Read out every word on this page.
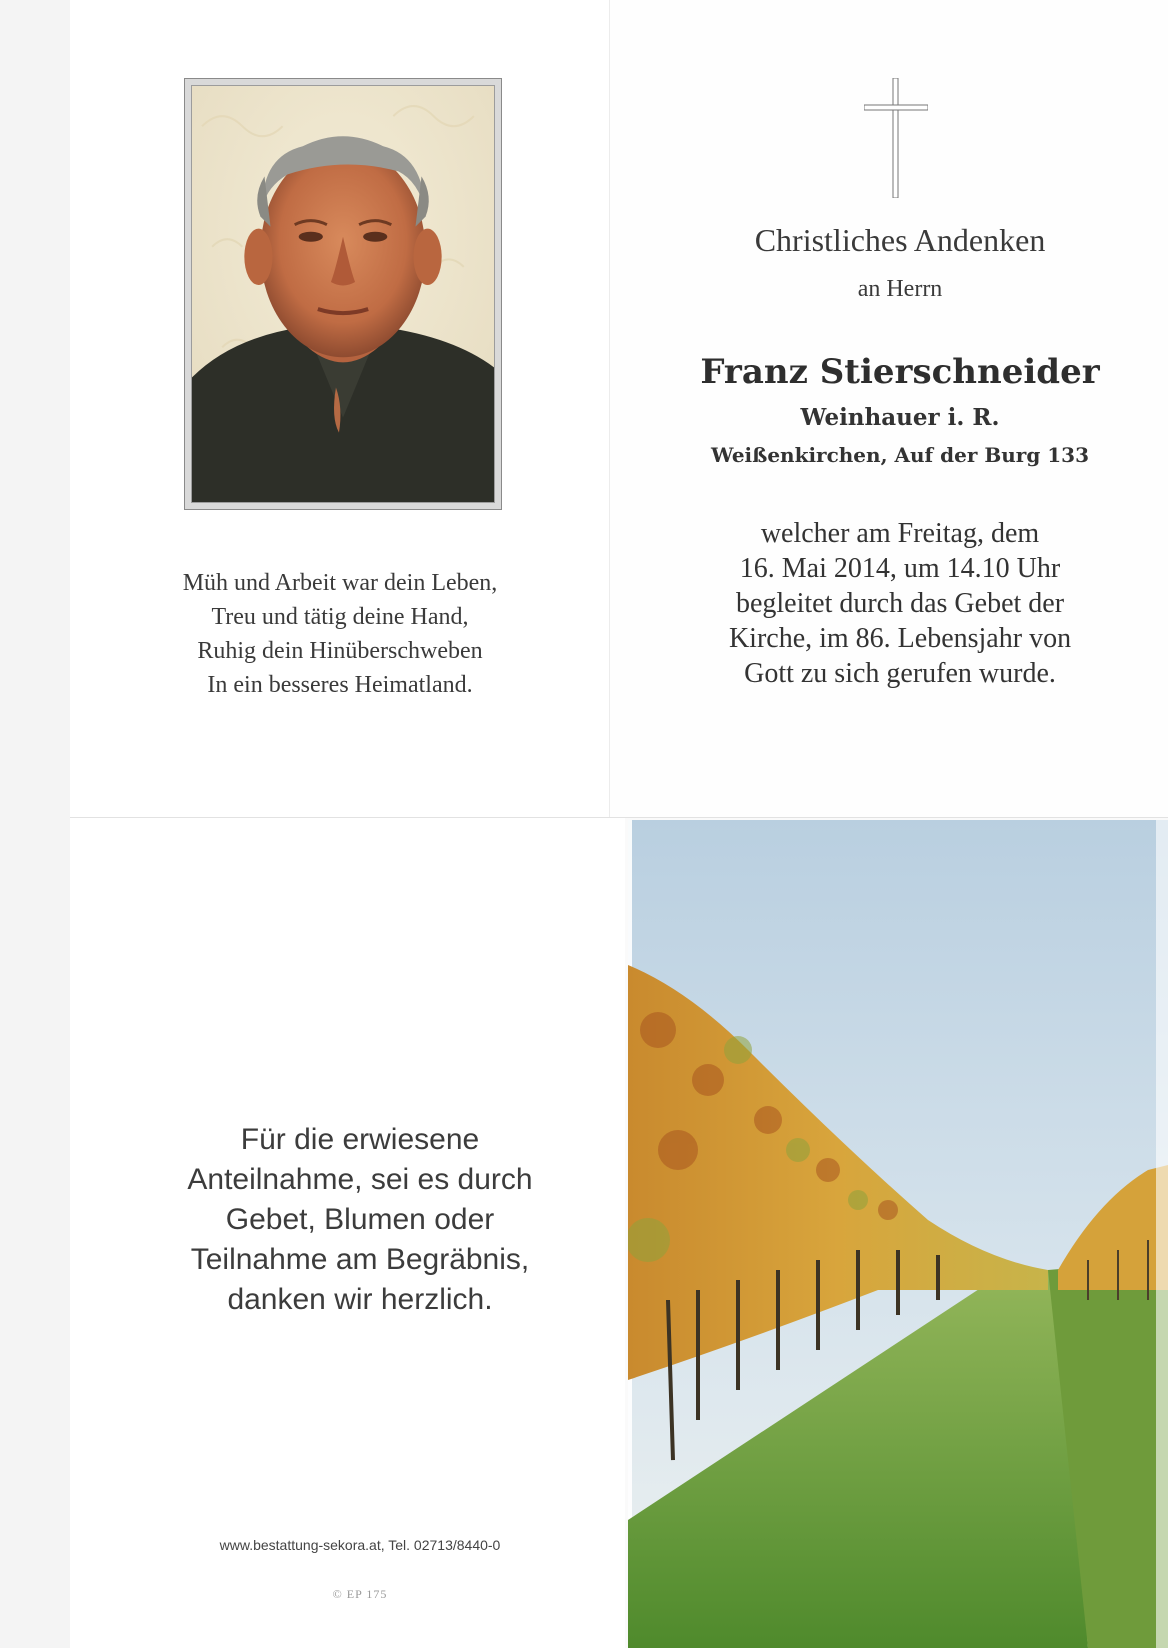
Müh und Arbeit war dein Leben,
Treu und tätig deine Hand,
Ruhig dein Hinüberschweben
In ein besseres Heimatland.
Christliches Andenken
an Herrn
Franz Stierschneider
Weinhauer i. R.
Weißenkirchen, Auf der Burg 133
welcher am Freitag, dem
16. Mai 2014, um 14.10 Uhr
begleitet durch das Gebet der
Kirche, im 86. Lebensjahr von
Gott zu sich gerufen wurde.
Für die erwiesene
Anteilnahme, sei es durch
Gebet, Blumen oder
Teilnahme am Begräbnis,
danken wir herzlich.
www.bestattung-sekora.at, Tel. 02713/8440-0
© EP 175
